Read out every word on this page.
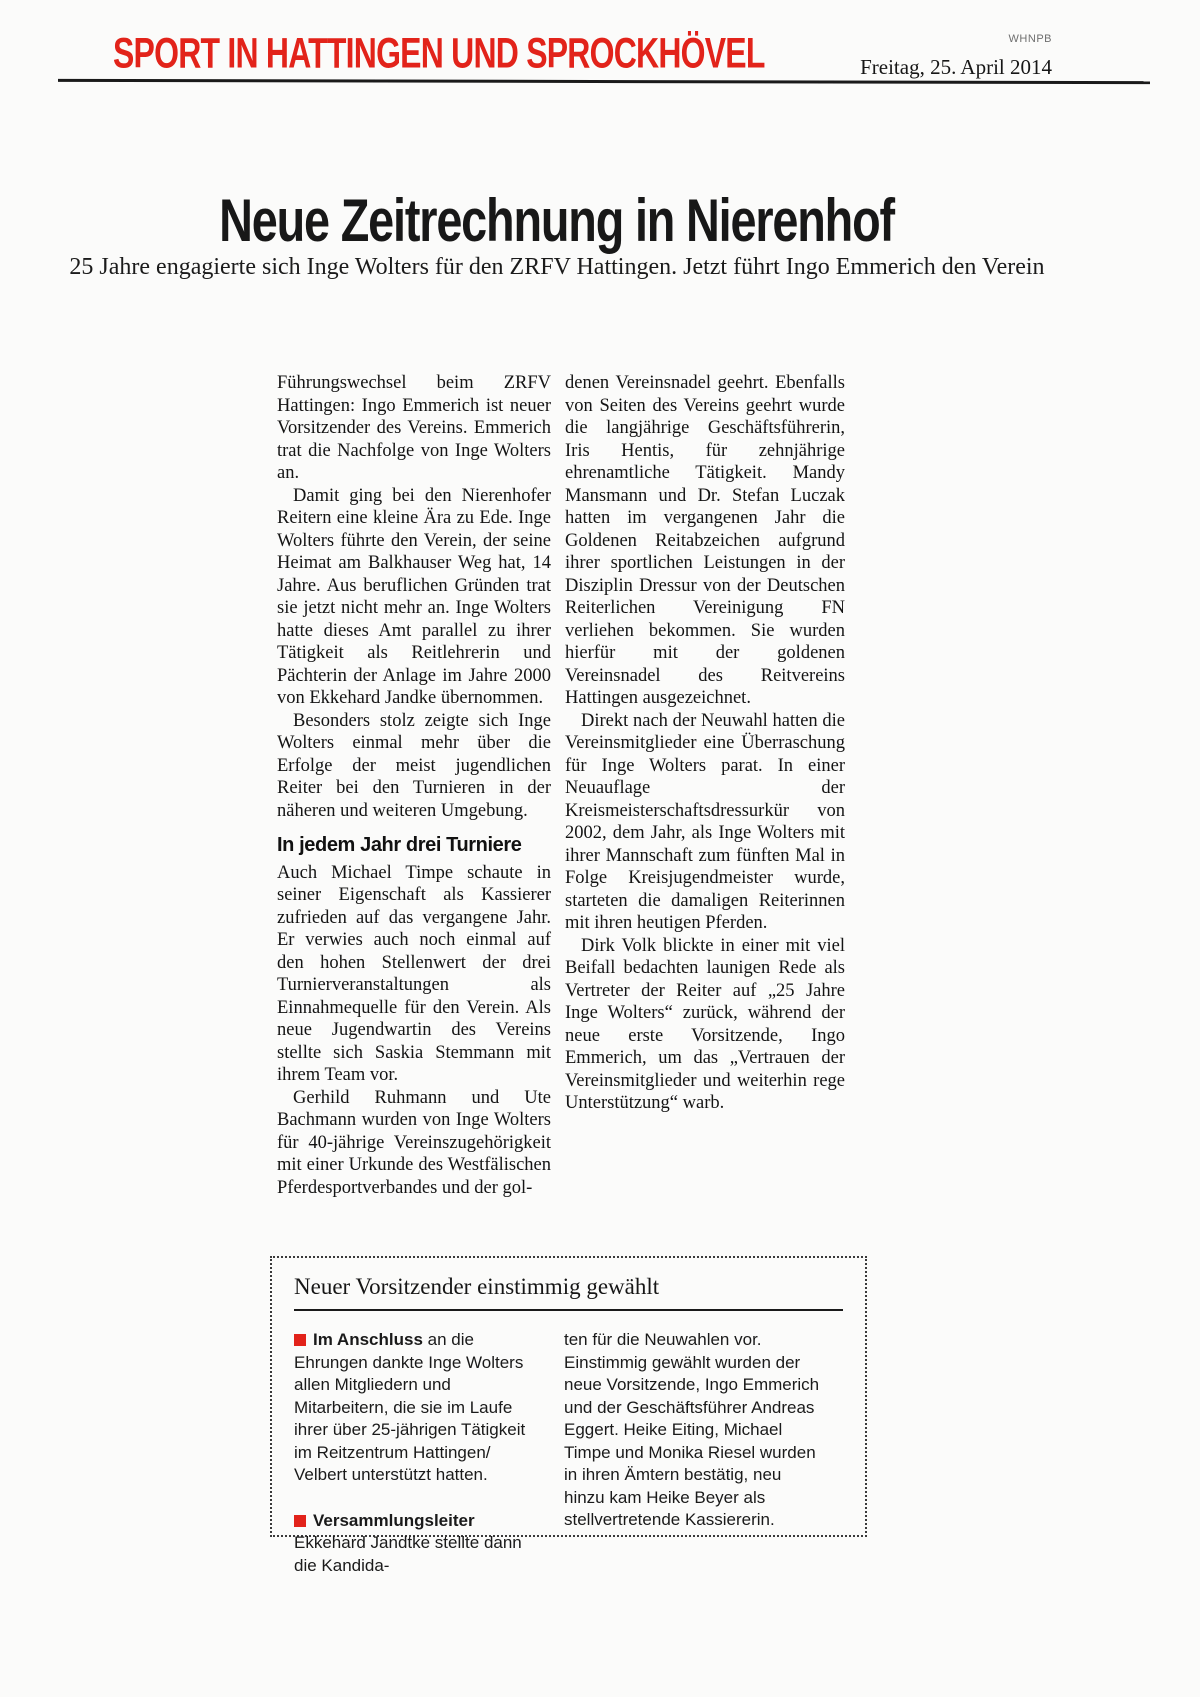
SPORT IN HATTINGEN UND SPROCKHÖVEL	WHNPB
Freitag, 25. April 2014
Neue Zeitrechnung in Nierenhof

25 Jahre engagierte sich Inge Wolters für den ZRFV Hattingen. Jetzt führt Ingo Emmerich den Verein

Führungswechsel beim ZRFV Hattingen: Ingo Emmerich ist neuer Vorsitzender des Vereins. Emmerich trat die Nachfolge von Inge Wolters an.

Damit ging bei den Nierenhofer Reitern eine kleine Ära zu Ede. Inge Wolters führte den Verein, der seine Heimat am Balkhauser Weg hat, 14 Jahre. Aus beruflichen Gründen trat sie jetzt nicht mehr an. Inge Wolters hatte dieses Amt parallel zu ihrer Tätigkeit als Reitlehrerin und Pächterin der Anlage im Jahre 2000 von Ekkehard Jandke übernommen.

Besonders stolz zeigte sich Inge Wolters einmal mehr über die Erfolge der meist jugendlichen Reiter bei den Turnieren in der näheren und weiteren Umgebung.

In jedem Jahr drei Turniere

Auch Michael Timpe schaute in seiner Eigenschaft als Kassierer zufrieden auf das vergangene Jahr. Er verwies auch noch einmal auf den hohen Stellenwert der drei Turnierveranstaltungen als Einnahmequelle für den Verein. Als neue Jugendwartin des Vereins stellte sich Saskia Stemmann mit ihrem Team vor.

Gerhild Ruhmann und Ute Bachmann wurden von Inge Wolters für 40-jährige Vereinszugehörigkeit mit einer Urkunde des Westfälischen Pferdesportverbandes und der gol-

denen Vereinsnadel geehrt. Ebenfalls von Seiten des Vereins geehrt wurde die langjährige Geschäftsführerin, Iris Hentis, für zehnjährige ehrenamtliche Tätigkeit. Mandy Mansmann und Dr. Stefan Luczak hatten im vergangenen Jahr die Goldenen Reitabzeichen aufgrund ihrer sportlichen Leistungen in der Disziplin Dressur von der Deutschen Reiterlichen Vereinigung FN verliehen bekommen. Sie wurden hierfür mit der goldenen Vereinsnadel des Reitvereins Hattingen ausgezeichnet.

Direkt nach der Neuwahl hatten die Vereinsmitglieder eine Überraschung für Inge Wolters parat. In einer Neuauflage der Kreismeisterschaftsdressurkür von 2002, dem Jahr, als Inge Wolters mit ihrer Mannschaft zum fünften Mal in Folge Kreisjugendmeister wurde, starteten die damaligen Reiterinnen mit ihren heutigen Pferden.

Dirk Volk blickte in einer mit viel Beifall bedachten launigen Rede als Vertreter der Reiter auf „25 Jahre Inge Wolters“ zurück, während der neue erste Vorsitzende, Ingo Emmerich, um das „Vertrauen der Vereinsmitglieder und weiterhin rege Unterstützung“ warb.

Neuer Vorsitzender einstimmig gewählt

Im Anschluss an die Ehrungen dankte Inge Wolters allen Mitgliedern und Mitarbeitern, die sie im Laufe ihrer über 25-jährigen Tätigkeit im Reitzentrum Hattingen/ Velbert unterstützt hatten.

Versammlungsleiter Ekkehard Jandtke stellte dann die Kandida-

ten für die Neuwahlen vor. Einstimmig gewählt wurden der neue Vorsitzende, Ingo Emmerich und der Geschäftsführer Andreas Eggert. Heike Eiting, Michael Timpe und Monika Riesel wurden in ihren Ämtern bestätig, neu hinzu kam Heike Beyer als stellvertretende Kassiererin.
